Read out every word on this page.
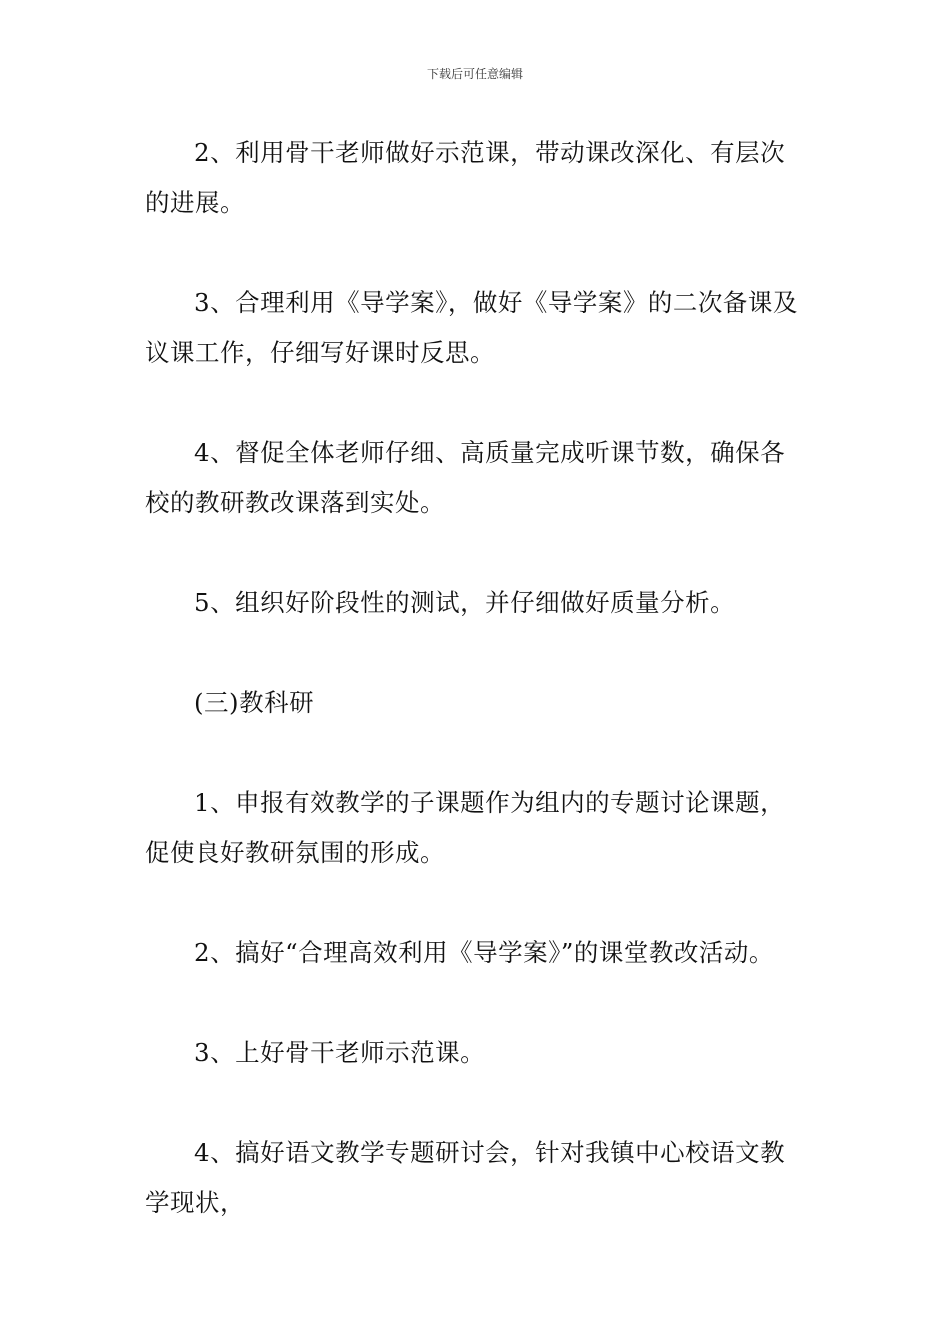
下载后可任意编辑

2、利用骨干老师做好示范课，带动课改深化、有层次的进展。

3、合理利用《导学案》，做好《导学案》的二次备课及议课工作，仔细写好课时反思。

4、督促全体老师仔细、高质量完成听课节数，确保各校的教研教改课落到实处。

5、组织好阶段性的测试，并仔细做好质量分析。

(三)教科研

1、申报有效教学的子课题作为组内的专题讨论课题，促使良好教研氛围的形成。

2、搞好“合理高效利用《导学案》”的课堂教改活动。

3、上好骨干老师示范课。

4、搞好语文教学专题研讨会，针对我镇中心校语文教学现状，
